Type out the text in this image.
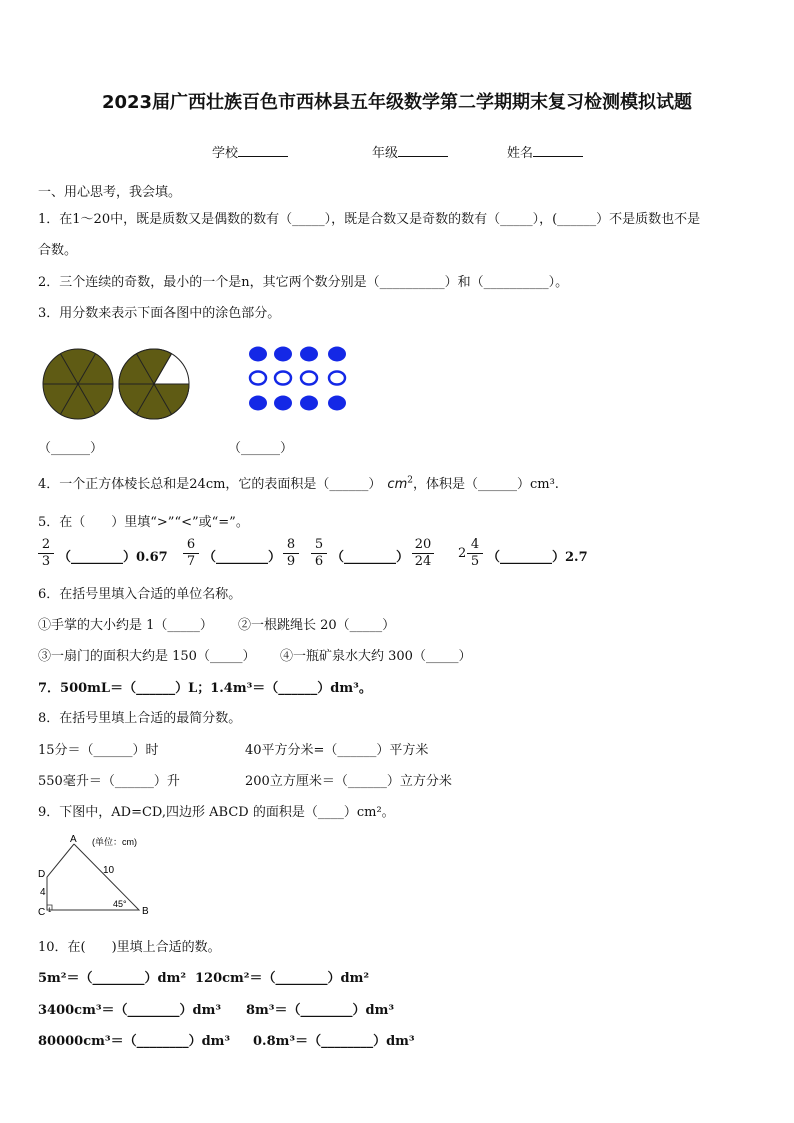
2023届广西壮族百色市西林县五年级数学第二学期期末复习检测模拟试题
学校	年级	姓名
一、用心思考，我会填。
1．在1～20中，既是质数又是偶数的数有（_____），既是合数又是奇数的数有（_____），(______）不是质数也不是
合数。
2．三个连续的奇数，最小的一个是n，其它两个数分别是（__________）和（__________）。
3．用分数来表示下面各图中的涂色部分。
（______）	（______）
4．一个正方体棱长总和是24cm，它的表面积是（______） $cm^2$，体积是（______）cm³.
5．在（　　）里填“>”“<”或“=”。
$\frac{2}{3}$ （________）0.67 $\frac{6}{7}$ （________） $\frac{8}{9} \frac{5}{6}$ （________） $\frac{20}{24} 2 \frac{4}{5}$ （________）2.7
6．在括号里填入合适的单位名称。
①手掌的大小约是 1（_____） ②一根跳绳长 20（_____）
③一扇门的面积大约是 150（_____） ④一瓶矿泉水大约 300（_____）
7．500mL＝（______）L；1.4m³＝（______）dm³。
8．在括号里填上合适的最简分数。
15分＝（______）时	40平方分米=（______）平方米
550毫升＝（______）升	200立方厘米＝（______）立方分米
9．下图中，AD=CD,四边形 ABCD 的面积是（____）cm²。
A
D
C	B
(单位：cm)
10
4
45°
1
10．在(　　)里填上合适的数。
5m²＝（________）dm² 120cm²＝（________）dm²
3400cm³＝（________）dm³ 8m³＝（________）dm³
80000cm³＝（________）dm³ 0.8m³＝（________）dm³
